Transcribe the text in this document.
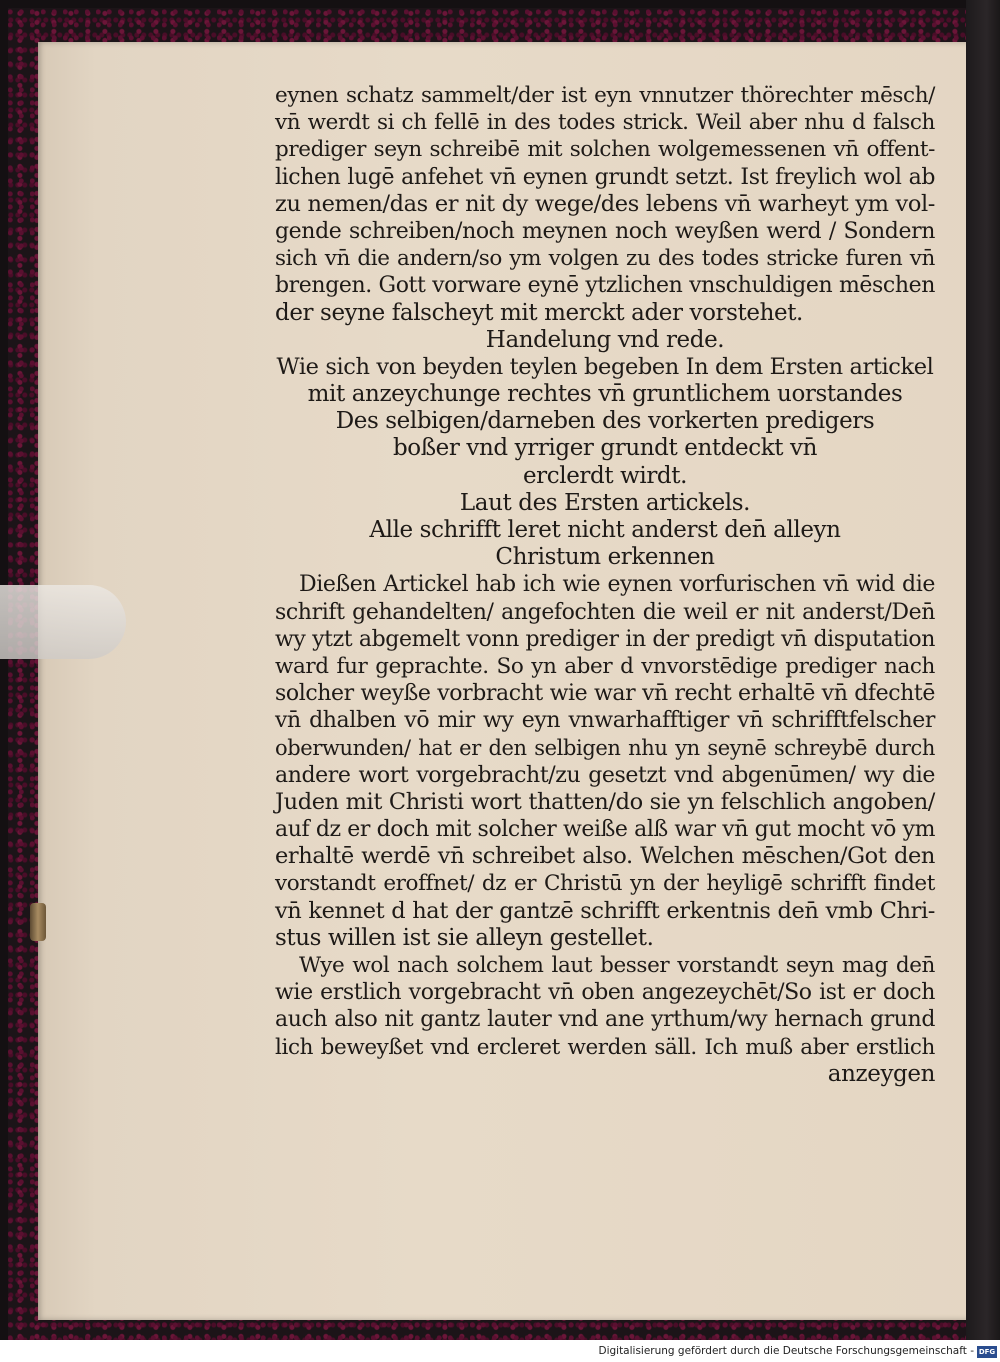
eynen schatz sammelt/der ist eyn vnnutzer thörechter mēsch/
vn̄ werdt si ch fellē in des todes strick. Weil aber nhu d falsch
prediger seyn schreibē mit solchen wolgemessenen vn̄ offent-
lichen lugē anfehet vn̄ eynen grundt setzt. Ist freylich wol ab
zu nemen/das er nit dy wege/des lebens vn̄ warheyt ym vol-
gende schreiben/noch meynen noch weyßen werd / Sondern
sich vn̄ die andern/so ym volgen zu des todes stricke furen vn̄
brengen. Gott vorware eynē ytzlichen vnschuldigen mēschen
der seyne falscheyt mit merckt ader vorstehet.
Handelung vnd rede.
Wie sich von beyden teylen begeben In dem Ersten artickel
mit anzeychunge rechtes vn̄ gruntlichem uorstandes
Des selbigen/darneben des vorkerten predigers
boßer vnd yrriger grundt entdeckt vn̄
erclerdt wirdt.
Laut des Ersten artickels.
Alle schrifft leret nicht anderst den̄ alleyn
Christum erkennen
Dießen Artickel hab ich wie eynen vorfurischen vn̄ wid die
schrift gehandelten/ angefochten die weil er nit anderst/Den̄
wy ytzt abgemelt vonn prediger in der predigt vn̄ disputation
ward fur geprachte. So yn aber d vnvorstēdige prediger nach
solcher weyße vorbracht wie war vn̄ recht erhaltē vn̄ dfechtē
vn̄ dhalben vō mir wy eyn vnwarhafftiger vn̄ schrifftfelscher
oberwunden/ hat er den selbigen nhu yn seynē schreybē durch
andere wort vorgebracht/zu gesetzt vnd abgenūmen/ wy die
Juden mit Christi wort thatten/do sie yn felschlich angoben/
auf dz er doch mit solcher weiße alß war vn̄ gut mocht vō ym
erhaltē werdē vn̄ schreibet also. Welchen mēschen/Got den
vorstandt eroffnet/ dz er Christū yn der heyligē schrifft findet
vn̄ kennet d hat der gantzē schrifft erkentnis den̄ vmb Chri-
stus willen ist sie alleyn gestellet.
Wye wol nach solchem laut besser vorstandt seyn mag den̄
wie erstlich vorgebracht vn̄ oben angezeychēt/So ist er doch
auch also nit gantz lauter vnd ane yrthum/wy hernach grund
lich beweyßet vnd ercleret werden säll. Ich muß aber erstlich
anzeygen
Digitalisierung gefördert durch die Deutsche Forschungsgemeinschaft - DFG
